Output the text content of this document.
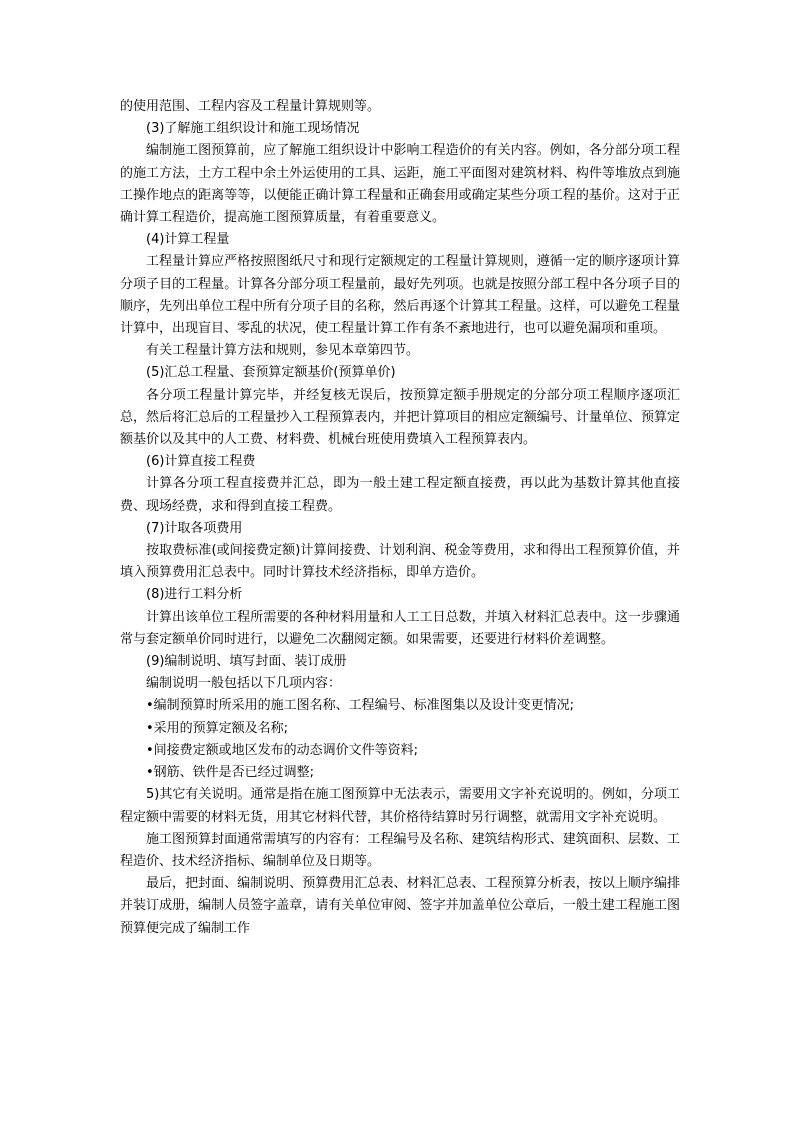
的使用范围、工程内容及工程量计算规则等。

(3)了解施工组织设计和施工现场情况

编制施工图预算前，应了解施工组织设计中影响工程造价的有关内容。例如，各分部分项工程的施工方法，土方工程中余土外运使用的工具、运距，施工平面图对建筑材料、构件等堆放点到施工操作地点的距离等等，以便能正确计算工程量和正确套用或确定某些分项工程的基价。这对于正确计算工程造价，提高施工图预算质量，有着重要意义。

(4)计算工程量

工程量计算应严格按照图纸尺寸和现行定额规定的工程量计算规则，遵循一定的顺序逐项计算分项子目的工程量。计算各分部分项工程量前，最好先列项。也就是按照分部工程中各分项子目的顺序，先列出单位工程中所有分项子目的名称，然后再逐个计算其工程量。这样，可以避免工程量计算中，出现盲目、零乱的状况，使工程量计算工作有条不紊地进行，也可以避免漏项和重项。

有关工程量计算方法和规则，参见本章第四节。

(5)汇总工程量、套预算定额基价(预算单价)

各分项工程量计算完毕，并经复核无误后，按预算定额手册规定的分部分项工程顺序逐项汇总，然后将汇总后的工程量抄入工程预算表内，并把计算项目的相应定额编号、计量单位、预算定额基价以及其中的人工费、材料费、机械台班使用费填入工程预算表内。

(6)计算直接工程费

计算各分项工程直接费并汇总，即为一般土建工程定额直接费，再以此为基数计算其他直接费、现场经费，求和得到直接工程费。

(7)计取各项费用

按取费标准(或间接费定额)计算间接费、计划利润、税金等费用，求和得出工程预算价值，并填入预算费用汇总表中。同时计算技术经济指标，即单方造价。

(8)进行工料分析

计算出该单位工程所需要的各种材料用量和人工工日总数，并填入材料汇总表中。这一步骤通常与套定额单价同时进行，以避免二次翻阅定额。如果需要，还要进行材料价差调整。

(9)编制说明、填写封面、装订成册

编制说明一般包括以下几项内容：

•编制预算时所采用的施工图名称、工程编号、标准图集以及设计变更情况;

•采用的预算定额及名称;

•间接费定额或地区发布的动态调价文件等资料;

•钢筋、铁件是否已经过调整;

5)其它有关说明。通常是指在施工图预算中无法表示，需要用文字补充说明的。例如，分项工程定额中需要的材料无货，用其它材料代替，其价格待结算时另行调整，就需用文字补充说明。

施工图预算封面通常需填写的内容有：工程编号及名称、建筑结构形式、建筑面积、层数、工程造价、技术经济指标、编制单位及日期等。

最后，把封面、编制说明、预算费用汇总表、材料汇总表、工程预算分析表，按以上顺序编排并装订成册，编制人员签字盖章，请有关单位审阅、签字并加盖单位公章后，一般土建工程施工图预算便完成了编制工作
